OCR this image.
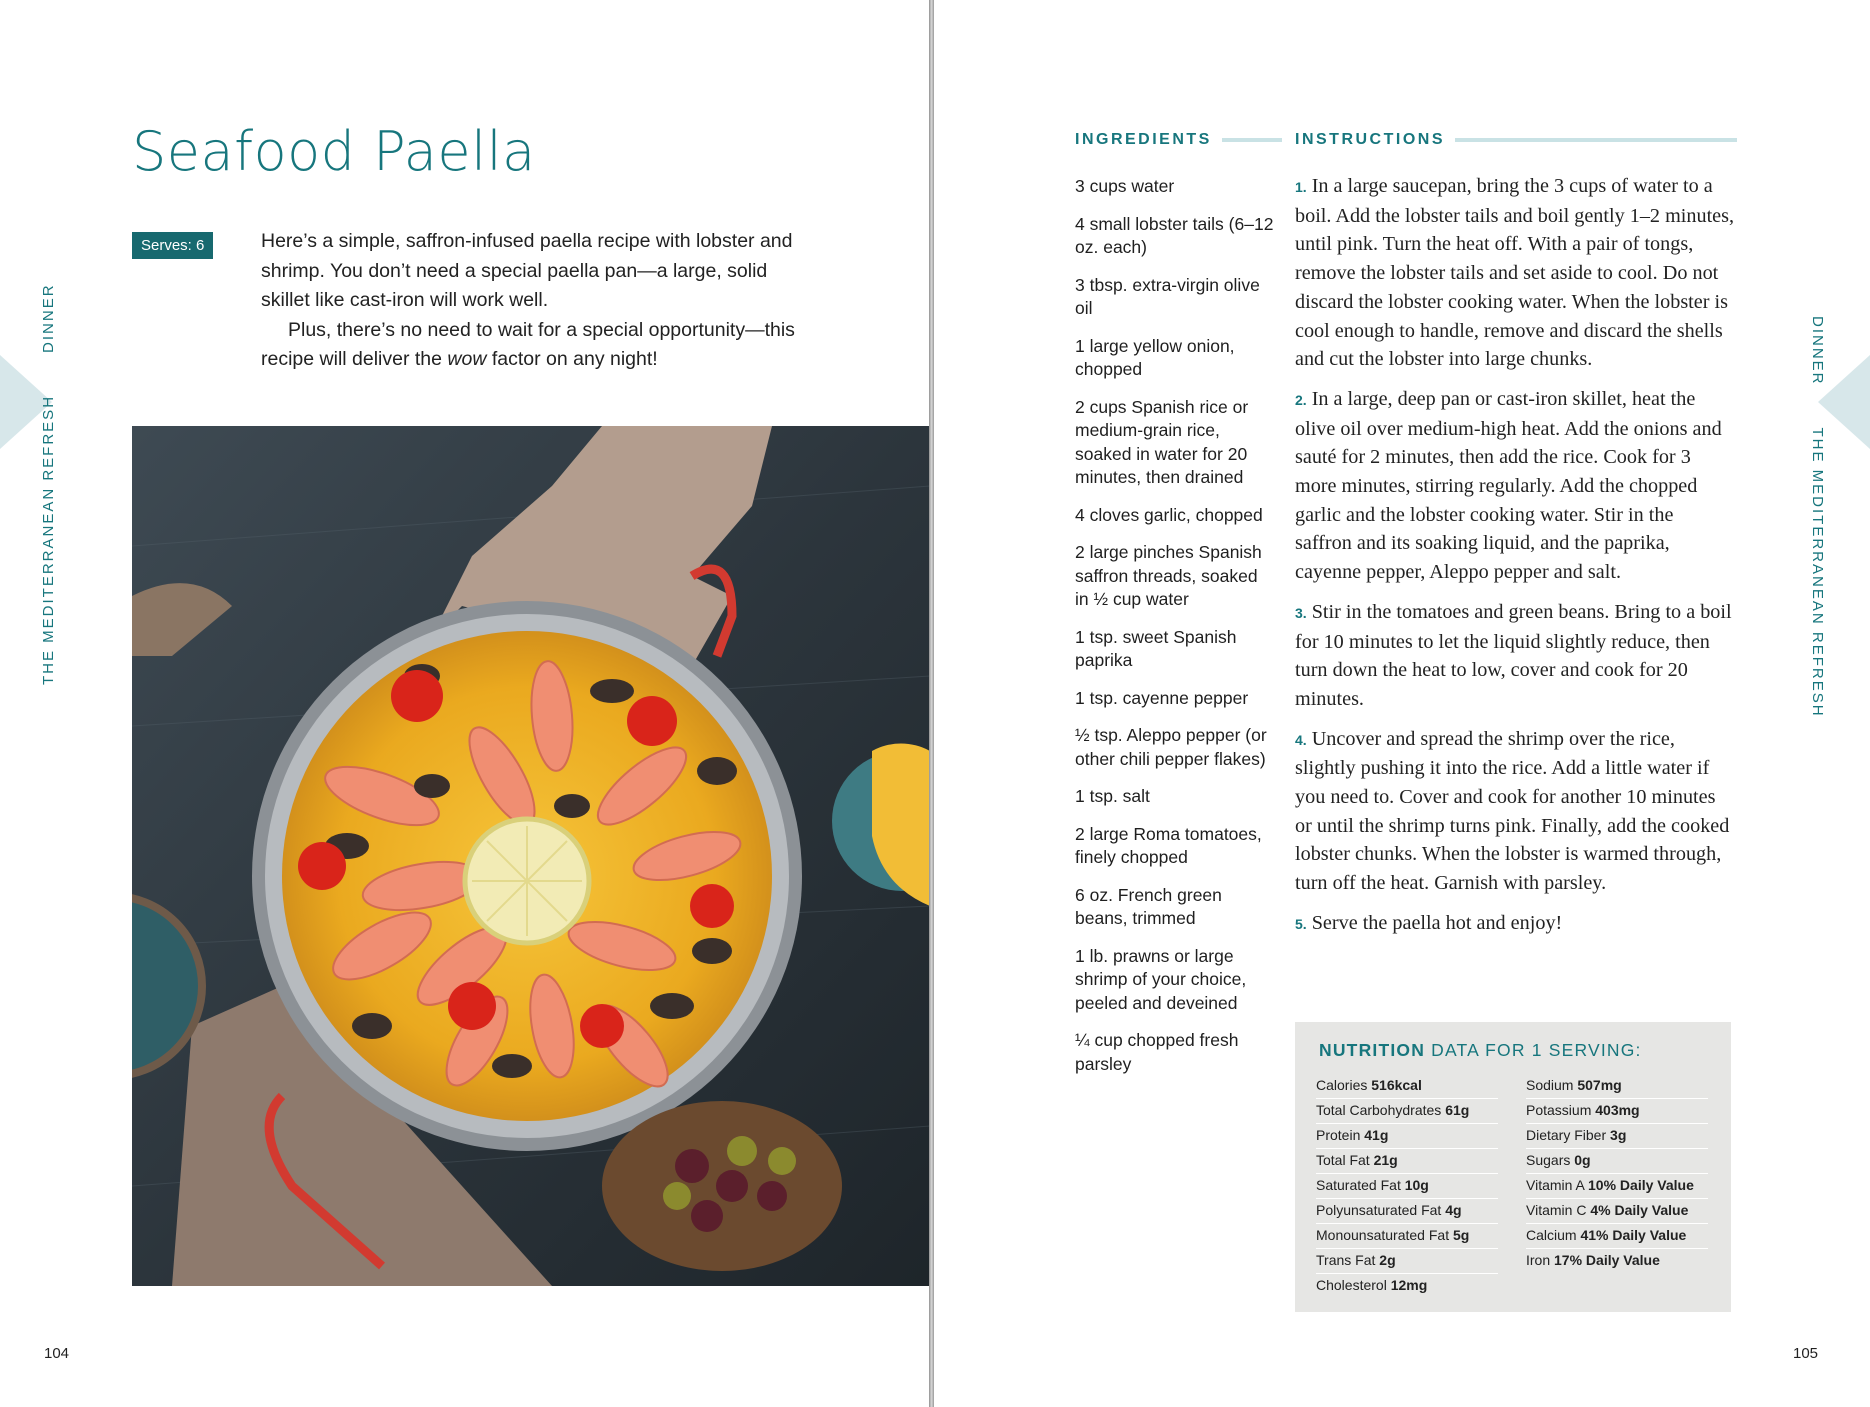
THE MEDITERRANEAN REFRESH
DINNER
Seafood Paella
Serves: 6	Here’s a simple, saffron-infused paella recipe with lobster and shrimp. You don’t need a special paella pan—a large, solid skillet like cast-iron will work well.

Plus, there’s no need to wait for a special opportunity—this recipe will deliver the wow factor on any night!

104
DINNER
THE MEDITERRANEAN REFRESH
INGREDIENTS	INSTRUCTIONS
3 cups water
4 small lobster tails (6–12 oz. each)
3 tbsp. extra-virgin olive oil
1 large yellow onion, chopped
2 cups Spanish rice or medium-grain rice, soaked in water for 20 minutes, then drained
4 cloves garlic, chopped
2 large pinches Spanish saffron threads, soaked in ½ cup water
1 tsp. sweet Spanish paprika
1 tsp. cayenne pepper
½ tsp. Aleppo pepper (or other chili pepper flakes)
1 tsp. salt
2 large Roma tomatoes, finely chopped
6 oz. French green beans, trimmed
1 lb. prawns or large shrimp of your choice, peeled and deveined
¼ cup chopped fresh parsley

1. In a large saucepan, bring the 3 cups of water to a boil. Add the lobster tails and boil gently 1–2 minutes, until pink. Turn the heat off. With a pair of tongs, remove the lobster tails and set aside to cool. Do not discard the lobster cooking water. When the lobster is cool enough to handle, remove and discard the shells and cut the lobster into large chunks.

2. In a large, deep pan or cast-iron skillet, heat the olive oil over medium-high heat. Add the onions and sauté for 2 minutes, then add the rice. Cook for 3 more minutes, stirring regularly. Add the chopped garlic and the lobster cooking water. Stir in the saffron and its soaking liquid, and the paprika, cayenne pepper, Aleppo pepper and salt.

3. Stir in the tomatoes and green beans. Bring to a boil for 10 minutes to let the liquid slightly reduce, then turn down the heat to low, cover and cook for 20 minutes.

4. Uncover and spread the shrimp over the rice, slightly pushing it into the rice. Add a little water if you need to. Cover and cook for another 10 minutes or until the shrimp turns pink. Finally, add the cooked lobster chunks. When the lobster is warmed through, turn off the heat. Garnish with parsley.

5. Serve the paella hot and enjoy!

NUTRITION DATA FOR 1 SERVING:
Calories 516kcal
Total Carbohydrates 61g
Protein 41g
Total Fat 21g
Saturated Fat 10g
Polyunsaturated Fat 4g
Monounsaturated Fat 5g
Trans Fat 2g
Cholesterol 12mg
Sodium 507mg
Potassium 403mg
Dietary Fiber 3g
Sugars 0g
Vitamin A 10% Daily Value
Vitamin C 4% Daily Value
Calcium 41% Daily Value
Iron 17% Daily Value
105
